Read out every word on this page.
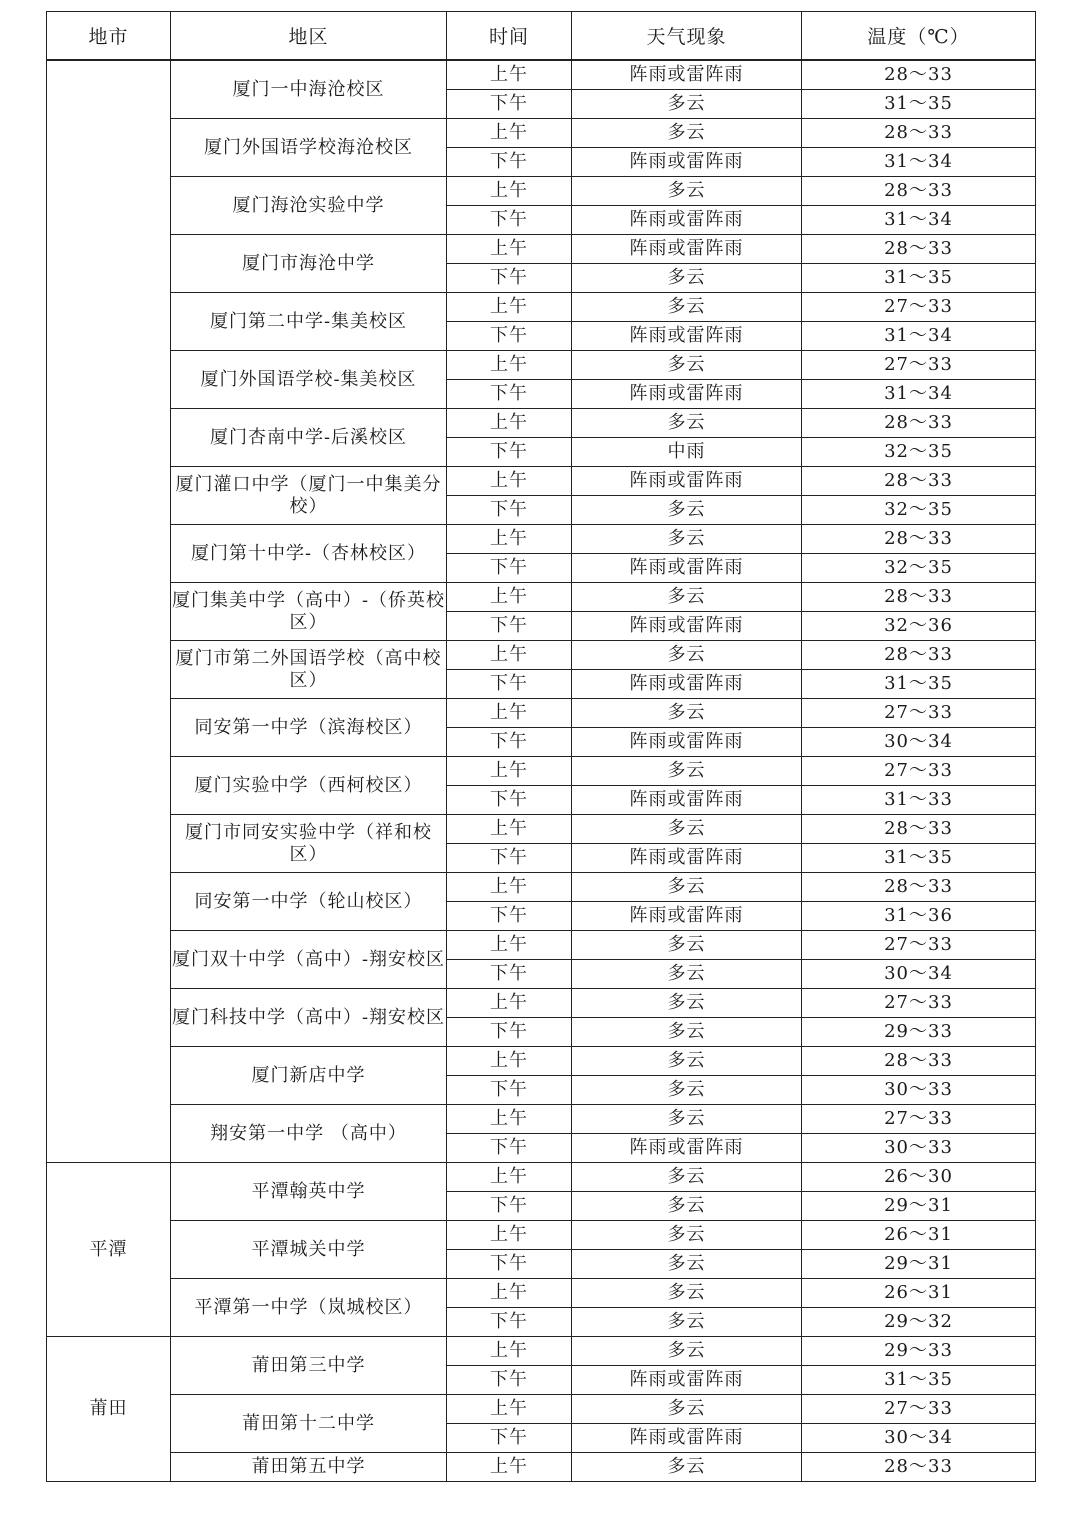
地市	地区	时间	天气现象	温度（℃）
	厦门一中海沧校区	上午	阵雨或雷阵雨	28～33
		下午	多云	31～35
	厦门外国语学校海沧校区	上午	多云	28～33
		下午	阵雨或雷阵雨	31～34
	厦门海沧实验中学	上午	多云	28～33
		下午	阵雨或雷阵雨	31～34
	厦门市海沧中学	上午	阵雨或雷阵雨	28～33
		下午	多云	31～35
	厦门第二中学-集美校区	上午	多云	27～33
		下午	阵雨或雷阵雨	31～34
	厦门外国语学校-集美校区	上午	多云	27～33
		下午	阵雨或雷阵雨	31～34
	厦门杏南中学-后溪校区	上午	多云	28～33
		下午	中雨	32～35
	厦门灌口中学（厦门一中集美分校）	上午	阵雨或雷阵雨	28～33
		下午	多云	32～35
	厦门第十中学-（杏林校区）	上午	多云	28～33
		下午	阵雨或雷阵雨	32～35
	厦门集美中学（高中）-（侨英校区）	上午	多云	28～33
		下午	阵雨或雷阵雨	32～36
	厦门市第二外国语学校（高中校区）	上午	多云	28～33
		下午	阵雨或雷阵雨	31～35
	同安第一中学（滨海校区）	上午	多云	27～33
		下午	阵雨或雷阵雨	30～34
	厦门实验中学（西柯校区）	上午	多云	27～33
		下午	阵雨或雷阵雨	31～33
	厦门市同安实验中学（祥和校区）	上午	多云	28～33
		下午	阵雨或雷阵雨	31～35
	同安第一中学（轮山校区）	上午	多云	28～33
		下午	阵雨或雷阵雨	31～36
	厦门双十中学（高中）-翔安校区	上午	多云	27～33
		下午	多云	30～34
	厦门科技中学（高中）-翔安校区	上午	多云	27～33
		下午	多云	29～33
	厦门新店中学	上午	多云	28～33
		下午	多云	30～33
	翔安第一中学 （高中）	上午	多云	27～33
		下午	阵雨或雷阵雨	30～33
平潭	平潭翰英中学	上午	多云	26～30
		下午	多云	29～31
	平潭城关中学	上午	多云	26～31
		下午	多云	29～31
	平潭第一中学（岚城校区）	上午	多云	26～31
		下午	多云	29～32
莆田	莆田第三中学	上午	多云	29～33
		下午	阵雨或雷阵雨	31～35
	莆田第十二中学	上午	多云	27～33
		下午	阵雨或雷阵雨	30～34
	莆田第五中学	上午	多云	28～33
